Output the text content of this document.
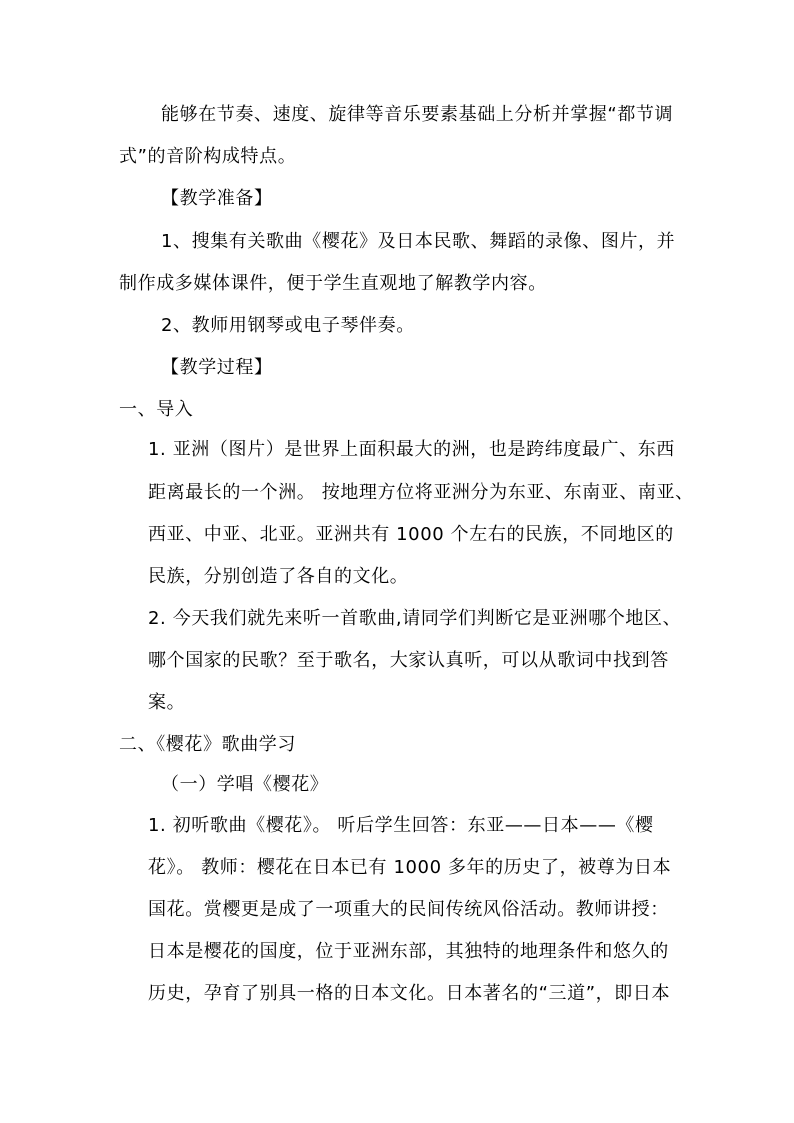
能够在节奏、速度、旋律等音乐要素基础上分析并掌握“都节调
式”的音阶构成特点。
【教学准备】
1、搜集有关歌曲《樱花》及日本民歌、舞蹈的录像、图片，并
制作成多媒体课件，便于学生直观地了解教学内容。
2、教师用钢琴或电子琴伴奏。
【教学过程】
一、导入
1. 亚洲（图片）是世界上面积最大的洲，也是跨纬度最广、东西
距离最长的一个洲。 按地理方位将亚洲分为东亚、东南亚、南亚、
西亚、中亚、北亚。亚洲共有 1000 个左右的民族，不同地区的
民族，分别创造了各自的文化。
2. 今天我们就先来听一首歌曲,请同学们判断它是亚洲哪个地区、
哪个国家的民歌？至于歌名，大家认真听，可以从歌词中找到答
案。
二、《樱花》歌曲学习
（一）学唱《樱花》
1. 初听歌曲《樱花》。 听后学生回答：东亚——日本——《樱
花》。 教师：樱花在日本已有 1000 多年的历史了，被尊为日本
国花。赏樱更是成了一项重大的民间传统风俗活动。教师讲授：
日本是樱花的国度，位于亚洲东部，其独特的地理条件和悠久的
历史，孕育了别具一格的日本文化。日本著名的“三道”，即日本
